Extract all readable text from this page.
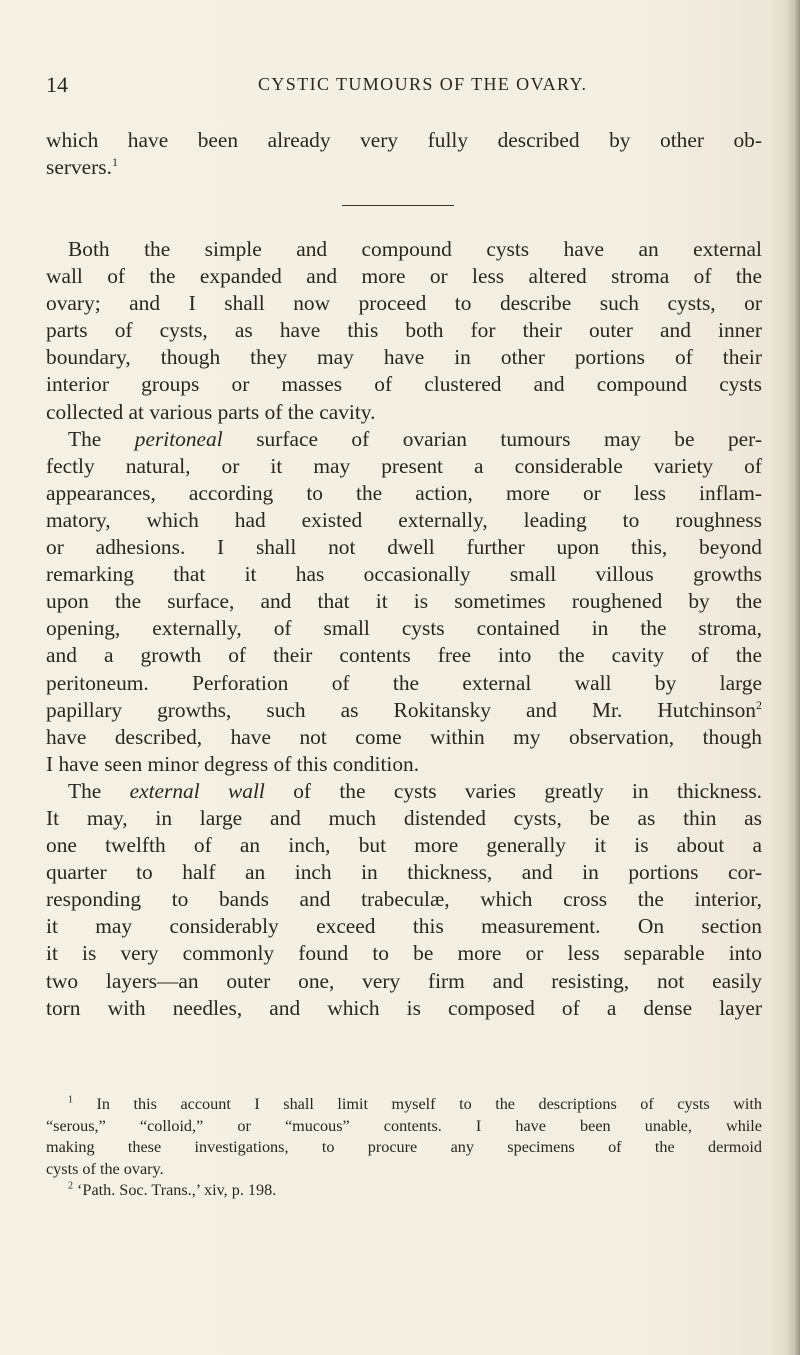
14	CYSTIC TUMOURS OF THE OVARY.
which have been already very fully described by other ob-
servers.$^1$
Both the simple and compound cysts have an external
wall of the expanded and more or less altered stroma of the
ovary; and I shall now proceed to describe such cysts, or
parts of cysts, as have this both for their outer and inner
boundary, though they may have in other portions of their
interior groups or masses of clustered and compound cysts
collected at various parts of the cavity.
The peritoneal surface of ovarian tumours may be per-
fectly natural, or it may present a considerable variety of
appearances, according to the action, more or less inflam-
matory, which had existed externally, leading to roughness
or adhesions. I shall not dwell further upon this, beyond
remarking that it has occasionally small villous growths
upon the surface, and that it is sometimes roughened by the
opening, externally, of small cysts contained in the stroma,
and a growth of their contents free into the cavity of the
peritoneum. Perforation of the external wall by large
papillary growths, such as Rokitansky and Mr. Hutchinson$^2$
have described, have not come within my observation, though
I have seen minor degress of this condition.
The external wall of the cysts varies greatly in thickness.
It may, in large and much distended cysts, be as thin as
one twelfth of an inch, but more generally it is about a
quarter to half an inch in thickness, and in portions cor-
responding to bands and trabeculæ, which cross the interior,
it may considerably exceed this measurement. On section
it is very commonly found to be more or less separable into
two layers—an outer one, very firm and resisting, not easily
torn with needles, and which is composed of a dense layer
$^1$ In this account I shall limit myself to the descriptions of cysts with
“serous,” “colloid,” or “mucous” contents. I have been unable, while
making these investigations, to procure any specimens of the dermoid
cysts of the ovary.
$^2$ ‘Path. Soc. Trans.,’ xiv, p. 198.
